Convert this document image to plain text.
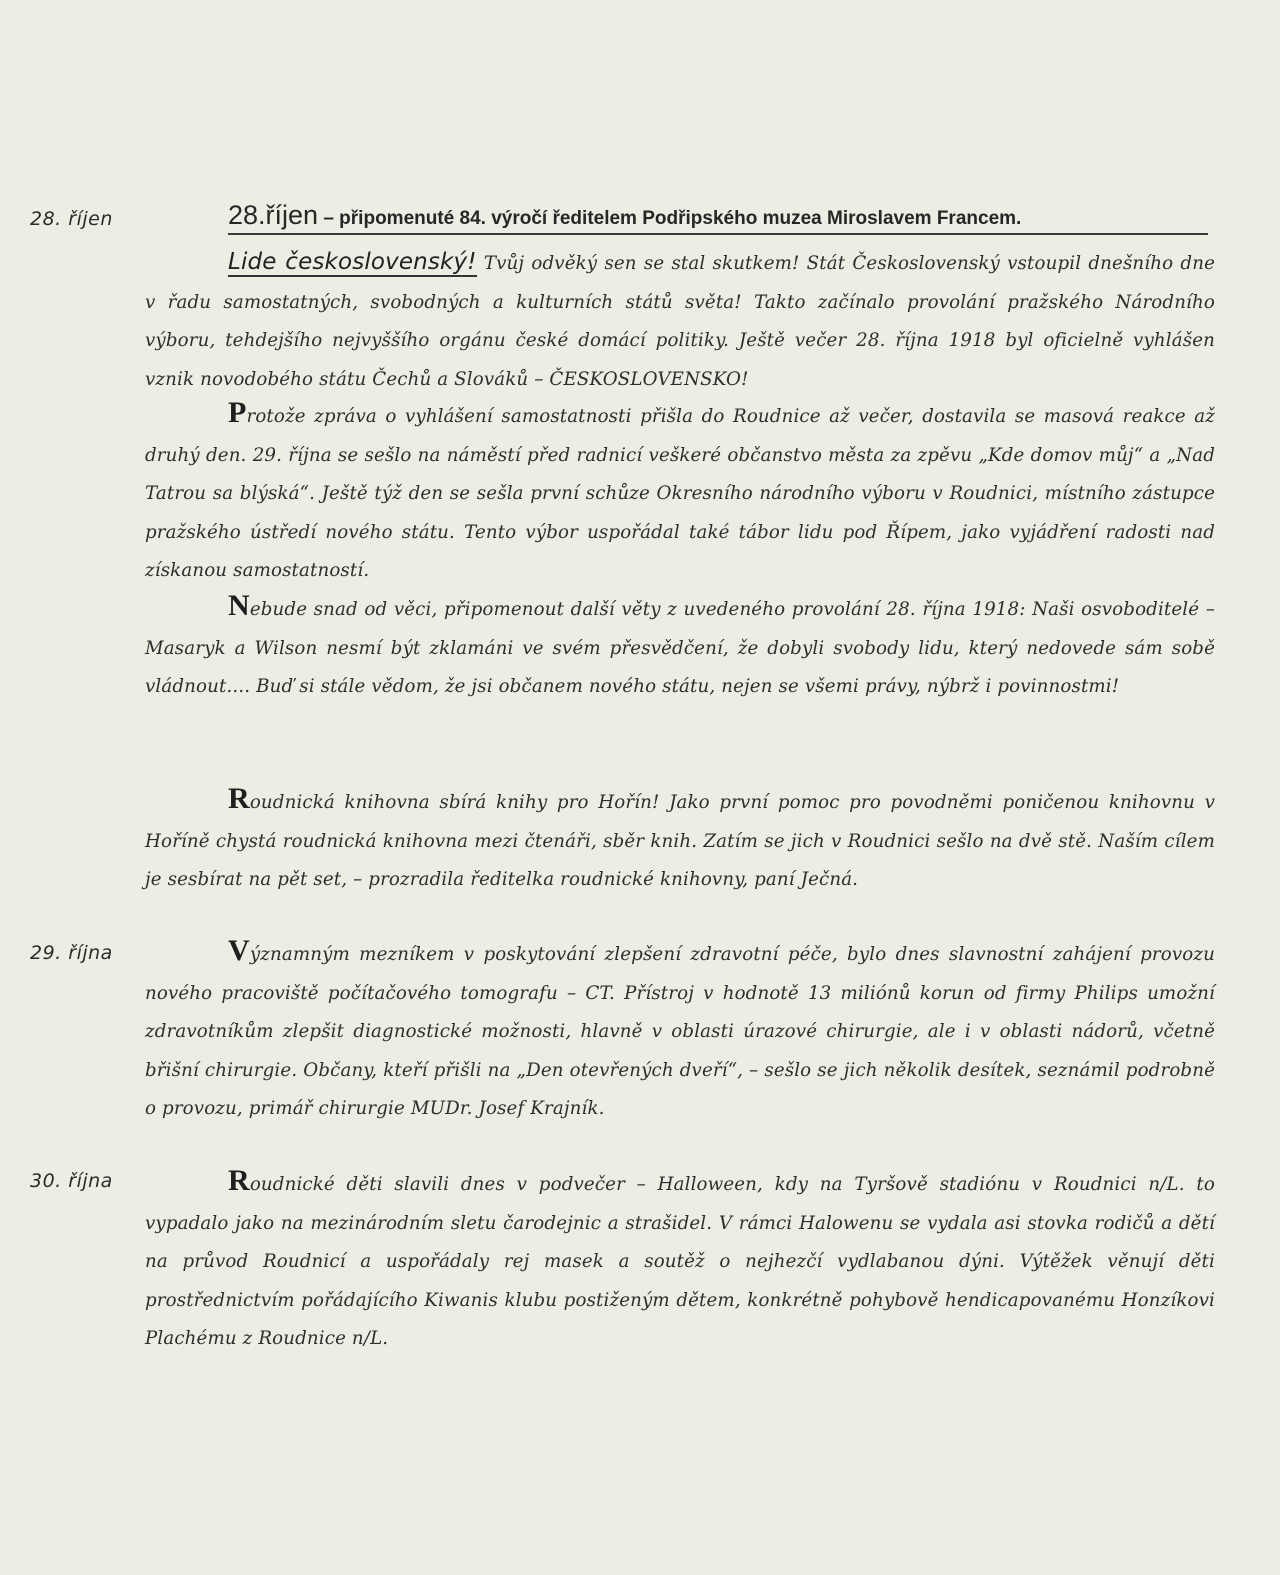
28. říjen
29. října
30. října
28.říjen – připomenuté 84. výročí ředitelem Podřipského muzea Miroslavem Francem.

Lide československý! Tvůj odvěký sen se stal skutkem! Stát Československý vstoupil dnešního dne v řadu samostatných, svobodných a kulturních států světa! Takto začínalo provolání pražského Národního výboru, tehdejšího nejvyššího orgánu české domácí politiky. Ještě večer 28. října 1918 byl oficielně vyhlášen vznik novodobého státu Čechů a Slováků – ČESKOSLOVENSKO!

Protože zpráva o vyhlášení samostatnosti přišla do Roudnice až večer, dostavila se masová reakce až druhý den. 29. října se sešlo na náměstí před radnicí veškeré občanstvo města za zpěvu „Kde domov můj“ a „Nad Tatrou sa blýská“. Ještě týž den se sešla první schůze Okresního národního výboru v Roudnici, místního zástupce pražského ústředí nového státu. Tento výbor uspořádal také tábor lidu pod Řípem, jako vyjádření radosti nad získanou samostatností.

Nebude snad od věci, připomenout další věty z uvedeného provolání 28. října 1918: Naši osvoboditelé – Masaryk a Wilson nesmí být zklamáni ve svém přesvědčení, že dobyli svobody lidu, který nedovede sám sobě vládnout.... Buď si stále vědom, že jsi občanem nového státu, nejen se všemi právy, nýbrž i povinnostmi!

Roudnická knihovna sbírá knihy pro Hořín! Jako první pomoc pro povodněmi poničenou knihovnu v Hoříně chystá roudnická knihovna mezi čtenáři, sběr knih. Zatím se jich v Roudnici sešlo na dvě stě. Naším cílem je sesbírat na pět set, – prozradila ředitelka roudnické knihovny, paní Ječná.

Významným mezníkem v poskytování zlepšení zdravotní péče, bylo dnes slavnostní zahájení provozu nového pracoviště počítačového tomografu – CT. Přístroj v hodnotě 13 miliónů korun od firmy Philips umožní zdravotníkům zlepšit diagnostické možnosti, hlavně v oblasti úrazové chirurgie, ale i v oblasti nádorů, včetně břišní chirurgie. Občany, kteří přišli na „Den otevřených dveří“, – sešlo se jich několik desítek, seznámil podrobně o provozu, primář chirurgie MUDr. Josef Krajník.

Roudnické děti slavili dnes v podvečer – Halloween, kdy na Tyršově stadiónu v Roudnici n/L. to vypadalo jako na mezinárodním sletu čarodejnic a strašidel. V rámci Halowenu se vydala asi stovka rodičů a dětí na průvod Roudnicí a uspořádaly rej masek a soutěž o nejhezčí vydlabanou dýni. Výtěžek věnují děti prostřednictvím pořádajícího Kiwanis klubu postiženým dětem, konkrétně pohybově hendicapovanému Honzíkovi Plachému z Roudnice n/L.
